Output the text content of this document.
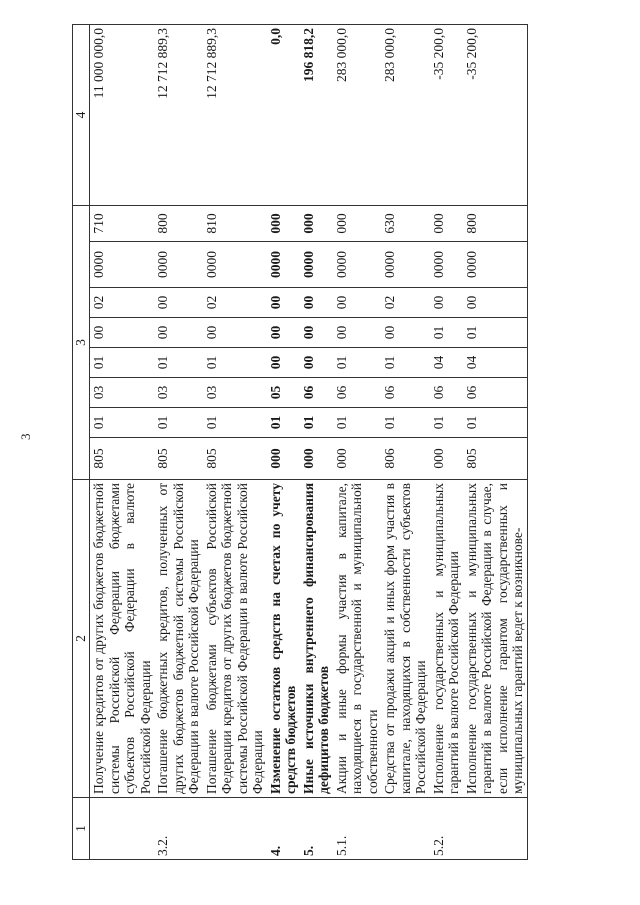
3
1	2	3								4
	Получение кредитов от других бюджетов бюджетной системы Российской Федерации бюджетами субъектов Российской Федерации в валюте Российской Федерации	805	01	03	01	00	02	0000	710	11 000 000,0
3.2.	Погашение бюджетных кредитов, полученных от других бюджетов бюджетной системы Российской Федерации в валюте Российской Федерации	805	01	03	01	00	00	0000	800	12 712 889,3
	Погашение бюджетами субъектов Российской Федерации кредитов от других бюджетов бюджетной системы Российской Федерации в валюте Российской Федерации	805	01	03	01	00	02	0000	810	12 712 889,3
4.	Изменение остатков средств на счетах по учету средств бюджетов	000	01	05	00	00	00	0000	000	0,0
5.	Иные источники внутреннего финансирования дефицитов бюджетов	000	01	06	00	00	00	0000	000	196 818,2
5.1.	Акции и иные формы участия в капитале, находящиеся в государственной и муниципальной собственности	000	01	06	01	00	00	0000	000	283 000,0
	Средства от продажи акций и иных форм участия в капитале, находящихся в собственности субъектов Российской Федерации	806	01	06	01	00	02	0000	630	283 000,0
5.2.	Исполнение государственных и муниципальных гарантий в валюте Российской Федерации	000	01	06	04	01	00	0000	000	-35 200,0
	Исполнение государственных и муниципальных гарантий в валюте Российской Федерации в случае, если исполнение гарантом государственных и муниципальных гарантий ведет к возникнове-	805	01	06	04	01	00	0000	800	-35 200,0
